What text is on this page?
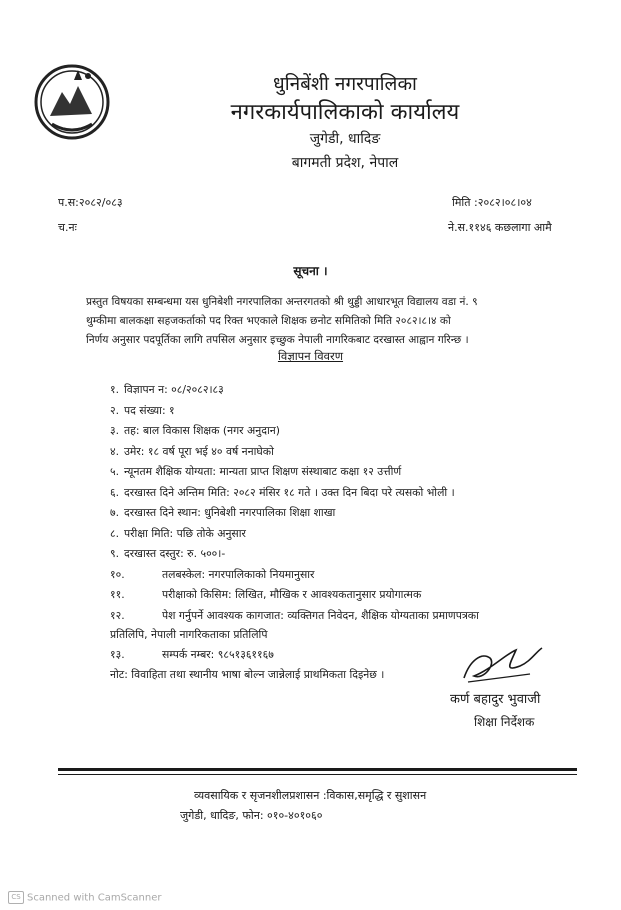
धुनिबेंशी नगरपालिका
नगरकार्यपालिकाको कार्यालय
जुगेडी, धादिङ
बागमती प्रदेश, नेपाल
प.स:२०८२/०८३	मिति :२०८२।०८।०४
च.नः	ने.स.११४६ कछलागा आमै
सूचना ।
प्रस्तुत विषयका सम्बन्धमा यस धुनिबेशी नगरपालिका अन्तरगतको श्री थुड्डी आधारभूत विद्यालय वडा नं. ९
थुम्कीमा बालकक्षा सहजकर्ताको पद रिक्त भएकाले शिक्षक छनोट समितिको मिति २०८२।८।४ को
निर्णय अनुसार पदपूर्तिका लागि तपसिल अनुसार इच्छुक नेपाली नागरिकबाट दरखास्त आह्वान गरिन्छ ।
विज्ञापन विवरण
१. विज्ञापन न: ०८/२०८२।८३
२. पद संख्या: १
३. तह: बाल विकास शिक्षक (नगर अनुदान)
४. उमेर: १८ वर्ष पूरा भई ४० वर्ष ननाघेको
५. न्यूनतम शैक्षिक योग्यता: मान्यता प्राप्त शिक्षण संस्थाबाट कक्षा १२ उत्तीर्ण
६. दरखास्त दिने अन्तिम मिति: २०८२ मंसिर १८ गते । उक्त दिन बिदा परे त्यसको भोली ।
७. दरखास्त दिने स्थान: धुनिबेशी नगरपालिका शिक्षा शाखा
८. परीक्षा मिति: पछि तोके अनुसार
९. दरखास्त दस्तुर: रु. ५००।-
१०.	तलबस्केल: नगरपालिकाको नियमानुसार
११.	परीक्षाको किसिम: लिखित, मौखिक र आवश्यकतानुसार प्रयोगात्मक
१२.	पेश गर्नुपर्ने आवश्यक कागजात: व्यक्तिगत निवेदन, शैक्षिक योग्यताका प्रमाणपत्रका
प्रतिलिपि, नेपाली नागरिकताका प्रतिलिपि
१३.	सम्पर्क नम्बर: ९८५१३६११६७
नोट: विवाहिता तथा स्थानीय भाषा बोल्न जान्नेलाई प्राथमिकता दिइनेछ ।
कर्ण बहादुर भुवाजी
शिक्षा निर्देशक
व्यवसायिक र सृजनशीलप्रशासन :विकास,समृद्धि र सुशासन
जुगेडी, धादिङ, फोन: ०१०-४०१०६०
CS Scanned with CamScanner
